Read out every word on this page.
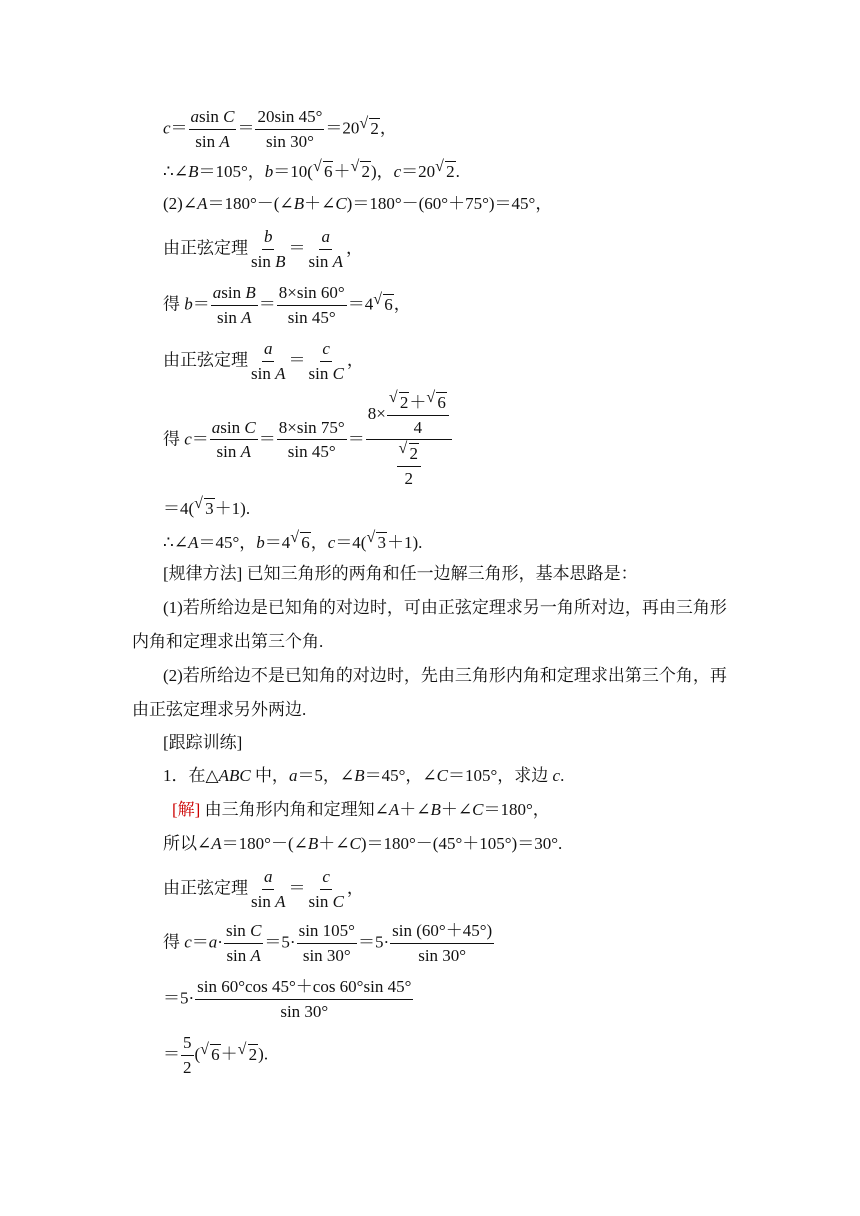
$c= \frac{\text{asin C}}{\text{sin A}} = \frac{20\sin 45^\circ}{\sin 30^\circ} =20√$ 2，
∴∠B＝105°，b＝10(√ 6＋√ 2)，c＝20√ 2.
(2)∠A＝180°－(∠B＋∠C)＝180°－(60°＋75°)＝45°，
由正弦定理 $\frac{b}{\text{sin B}} = \frac{a}{\text{sin A}}$ ，
得 $b= \frac{\text{asin B}}{\text{sin A}} = \frac{8\times\sin 60^\circ}{\sin 45^\circ} =4√$ 6，
由正弦定理 $\frac{a}{\text{sin A}} = \frac{c}{\text{sin C}}$ ，
得 $c= \frac{\text{asin C}}{\text{sin A}} = \frac{8\times\sin 75^\circ}{\sin 45^\circ} = 8\times$
√ $\frac{2+√ 6}{4}$
√ $\frac{2}{2}$
＝4(√ 3＋1).
∴∠A＝45°，b＝4√ 6，c＝4(√ 3＋1).
[规律方法] 已知三角形的两角和任一边解三角形，基本思路是：
(1)若所给边是已知角的对边时，可由正弦定理求另一角所对边，再由三角形内角和定理求出第三个角.
(2)若所给边不是已知角的对边时，先由三角形内角和定理求出第三个角，再由正弦定理求另外两边.
[跟踪训练]
1．在△ABC 中，a＝5，∠B＝45°，∠C＝105°，求边 c.
[解] 由三角形内角和定理知∠A＋∠B＋∠C＝180°，
所以∠A＝180°－(∠B＋∠C)＝180°－(45°＋105°)＝30°.
由正弦定理 $\frac{a}{\text{sin A}} = \frac{c}{\text{sin C}}$ ，
得 $c=a\cdot \frac{\text{sin C}}{\text{sin A}} =5\cdot \frac{\sin 105^\circ}{\sin 30^\circ} =5\cdot \frac{\sin (60^\circ+45^\circ)}{\sin 30^\circ}$
$=5\cdot \frac{\sin 60^\circ\cos 45^\circ+\cos 60^\circ\sin 45^\circ}{\sin 30^\circ}$
＝ $\frac{5}{2}$ (√ 6＋√ 2).
